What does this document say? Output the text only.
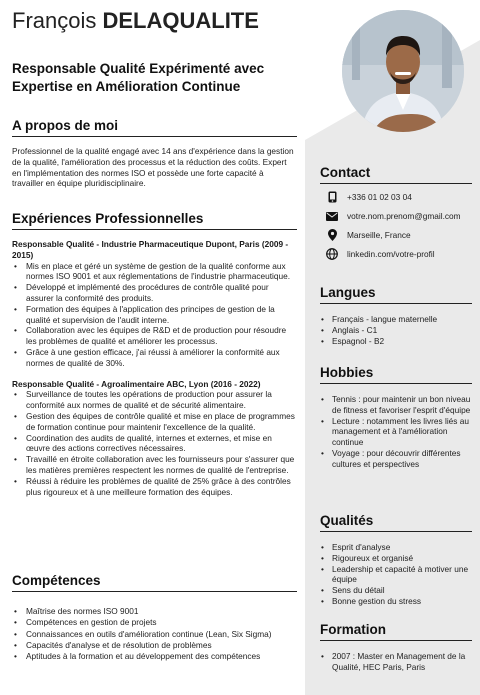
François DELAQUALITE
Responsable Qualité Expérimenté avec Expertise en Amélioration Continue
A propos de moi

Professionnel de la qualité engagé avec 14 ans d'expérience dans la gestion de la qualité, l'amélioration des processus et la réduction des coûts. Expert en l'implémentation des normes ISO et possède une forte capacité à travailler en équipe pluridisciplinaire.

Expériences Professionnelles
Responsable Qualité - Industrie Pharmaceutique Dupont, Paris (2009 - 2015)
• Mis en place et géré un système de gestion de la qualité conforme aux normes ISO 9001 et aux réglementations de l'industrie pharmaceutique.
• Développé et implémenté des procédures de contrôle qualité pour assurer la conformité des produits.
• Formation des équipes à l'application des principes de gestion de la qualité et supervision de l'audit interne.
• Collaboration avec les équipes de R&D et de production pour résoudre les problèmes de qualité et améliorer les processus.
• Grâce à une gestion efficace, j'ai réussi à améliorer la conformité aux normes de qualité de 30%.
Responsable Qualité - Agroalimentaire ABC, Lyon (2016 - 2022)
• Surveillance de toutes les opérations de production pour assurer la conformité aux normes de qualité et de sécurité alimentaire.
• Gestion des équipes de contrôle qualité et mise en place de programmes de formation continue pour maintenir l'excellence de la qualité.
• Coordination des audits de qualité, internes et externes, et mise en œuvre des actions correctives nécessaires.
• Travaillé en étroite collaboration avec les fournisseurs pour s'assurer que les matières premières respectent les normes de qualité de l'entreprise.
• Réussi à réduire les problèmes de qualité de 25% grâce à des contrôles plus rigoureux et à une meilleure formation des équipes.
Compétences
• Maîtrise des normes ISO 9001
• Compétences en gestion de projets
• Connaissances en outils d'amélioration continue (Lean, Six Sigma)
• Capacités d'analyse et de résolution de problèmes
• Aptitudes à la formation et au développement des compétences
Contact
+336 01 02 03 04
votre.nom.prenom@gmail.com
Marseille, France
linkedin.com/votre-profil
Langues
• Français - langue maternelle
• Anglais - C1
• Espagnol - B2
Hobbies
• Tennis : pour maintenir un bon niveau de fitness et favoriser l'esprit d'équipe
• Lecture : notamment les livres liés au management et à l'amélioration continue
• Voyage : pour découvrir différentes cultures et perspectives
Qualités
• Esprit d'analyse
• Rigoureux et organisé
• Leadership et capacité à motiver une équipe
• Sens du détail
• Bonne gestion du stress
Formation
• 2007 : Master en Management de la Qualité, HEC Paris, Paris
